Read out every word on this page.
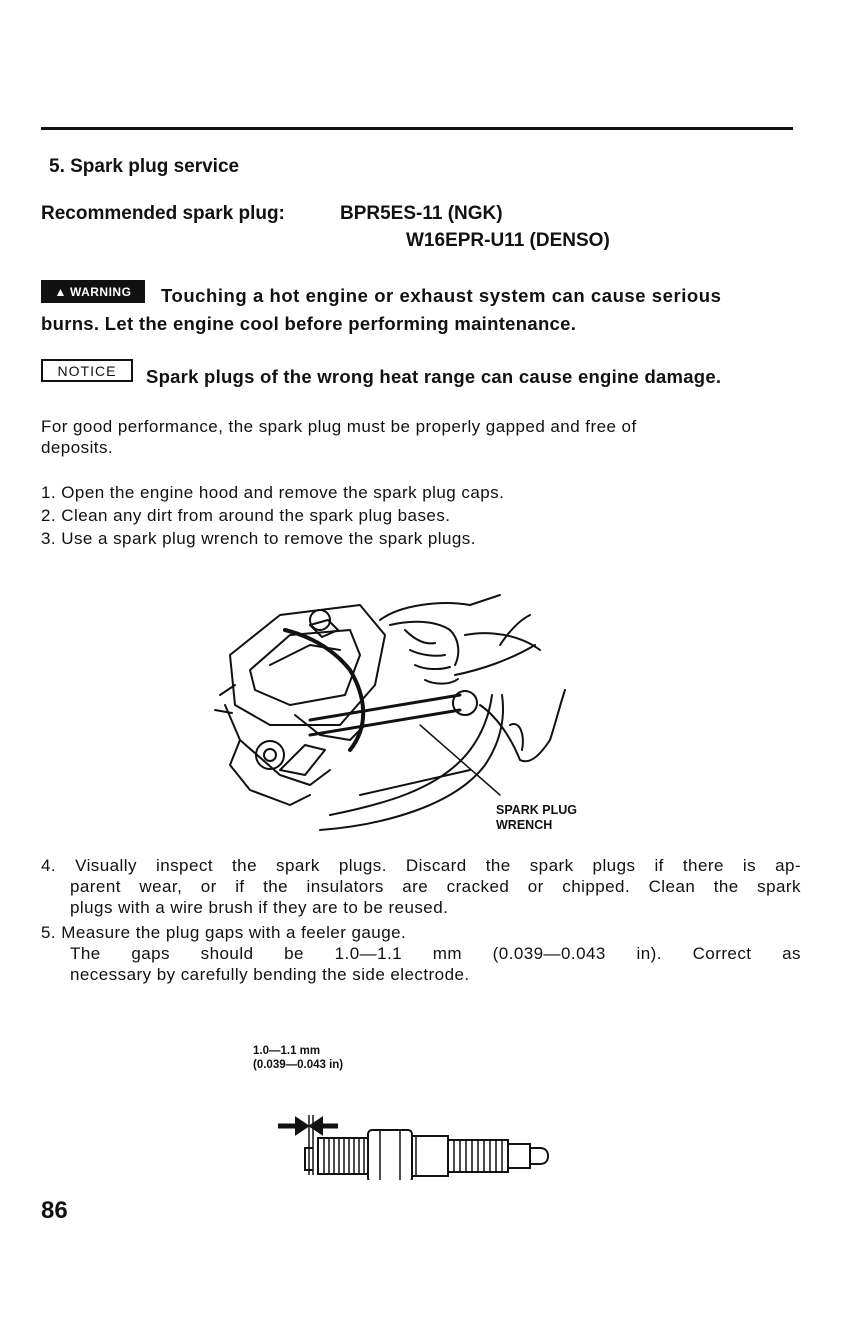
5. Spark plug service
Recommended spark plug:	BPR5ES-11 (NGK)
W16EPR-U11 (DENSO)
▲ WARNING Touching a hot engine or exhaust system can cause serious
burns. Let the engine cool before performing maintenance.
NOTICE	Spark plugs of the wrong heat range can cause engine damage.
For good performance, the spark plug must be properly gapped and free of
deposits.
1. Open the engine hood and remove the spark plug caps.
2. Clean any dirt from around the spark plug bases.
3. Use a spark plug wrench to remove the spark plugs.
SPARK PLUG
WRENCH
4. Visually inspect the spark plugs. Discard the spark plugs if there is ap-
parent wear, or if the insulators are cracked or chipped. Clean the spark
plugs with a wire brush if they are to be reused.
5. Measure the plug gaps with a feeler gauge.
The gaps should be 1.0—1.1 mm (0.039—0.043 in). Correct as
necessary by carefully bending the side electrode.
1.0—1.1 mm
(0.039—0.043 in)
86
